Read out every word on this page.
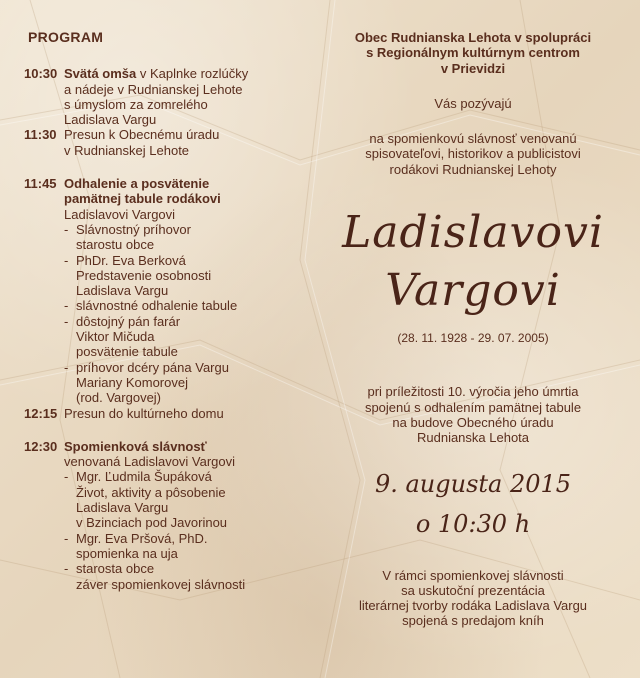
PROGRAM
10:30 Svätá omša v Kaplnke rozlúčky
a nádeje v Rudnianskej Lehote
s úmyslom za zomrelého
Ladislava Vargu
11:30 Presun k Obecnému úradu
v Rudnianskej Lehote
11:45 Odhalenie a posvätenie
pamätnej tabule rodákovi
Ladislavovi Vargovi
-Slávnostný príhovor
starostu obce
-PhDr. Eva Berková
Predstavenie osobnosti
Ladislava Vargu
-slávnostné odhalenie tabule
-dôstojný pán farár
Viktor Mičuda
posvätenie tabule
-príhovor dcéry pána Vargu
Mariany Komorovej
(rod. Vargovej)
12:15 Presun do kultúrneho domu
12:30 Spomienková slávnosť
venovaná Ladislavovi Vargovi
-Mgr. Ľudmila Šupáková
Život, aktivity a pôsobenie
Ladislava Vargu
v Bzinciach pod Javorinou
-Mgr. Eva Pršová, PhD.
spomienka na uja
-starosta obce
záver spomienkovej slávnosti
Obec Rudnianska Lehota v spolupráci
s Regionálnym kultúrnym centrom
v Prievidzi
Vás pozývajú
na spomienkovú slávnosť venovanú
spisovateľovi, historikov a publicistovi
rodákovi Rudnianskej Lehoty
Ladislavovi
Vargovi
(28. 11. 1928 - 29. 07. 2005)
pri príležitosti 10. výročia jeho úmrtia
spojenú s odhalením pamätnej tabule
na budove Obecného úradu
Rudnianska Lehota
9. augusta 2015
o 10:30 h
V rámci spomienkovej slávnosti
sa uskutoční prezentácia
literárnej tvorby rodáka Ladislava Vargu
spojená s predajom kníh
